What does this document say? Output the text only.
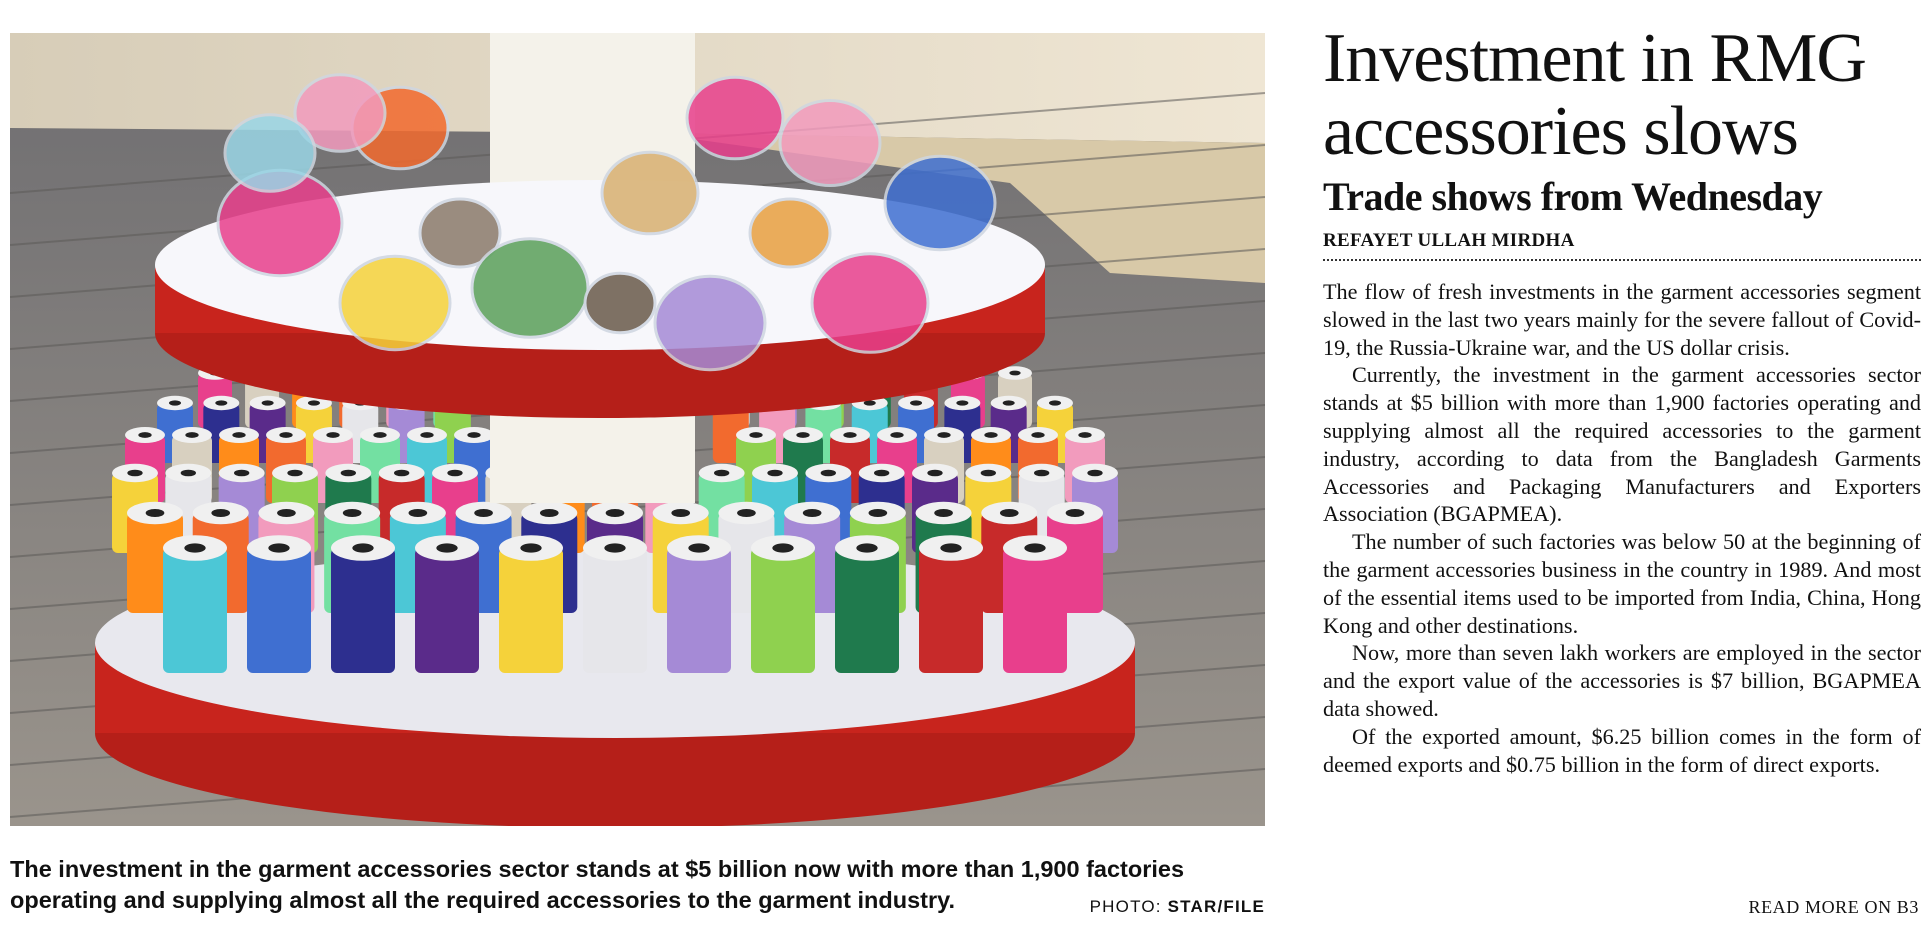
The investment in the garment accessories sector stands at $5 billion now with more than 1,900 factories operating and supplying almost all the required accessories to the garment industry.	PHOTO: STAR/FILE
Investment in RMG accessories slows
Trade shows from Wednesday
REFAYET ULLAH MIRDHA

The flow of fresh investments in the garment accessories segment slowed in the last two years mainly for the severe fallout of Covid-19, the Russia-Ukraine war, and the US dollar crisis.

Currently, the investment in the garment accessories sector stands at $5 billion with more than 1,900 factories operating and supplying almost all the required accessories to the garment industry, according to data from the Bangladesh Garments Accessories and Packaging Manufacturers and Exporters Association (BGAPMEA).

The number of such factories was below 50 at the beginning of the garment accessories business in the country in 1989. And most of the essential items used to be imported from India, China, Hong Kong and other destinations.

Now, more than seven lakh workers are employed in the sector and the export value of the accessories is $7 billion, BGAPMEA data showed.

Of the exported amount, $6.25 billion comes in the form of deemed exports and $0.75 billion in the form of direct exports.

READ MORE ON B3
